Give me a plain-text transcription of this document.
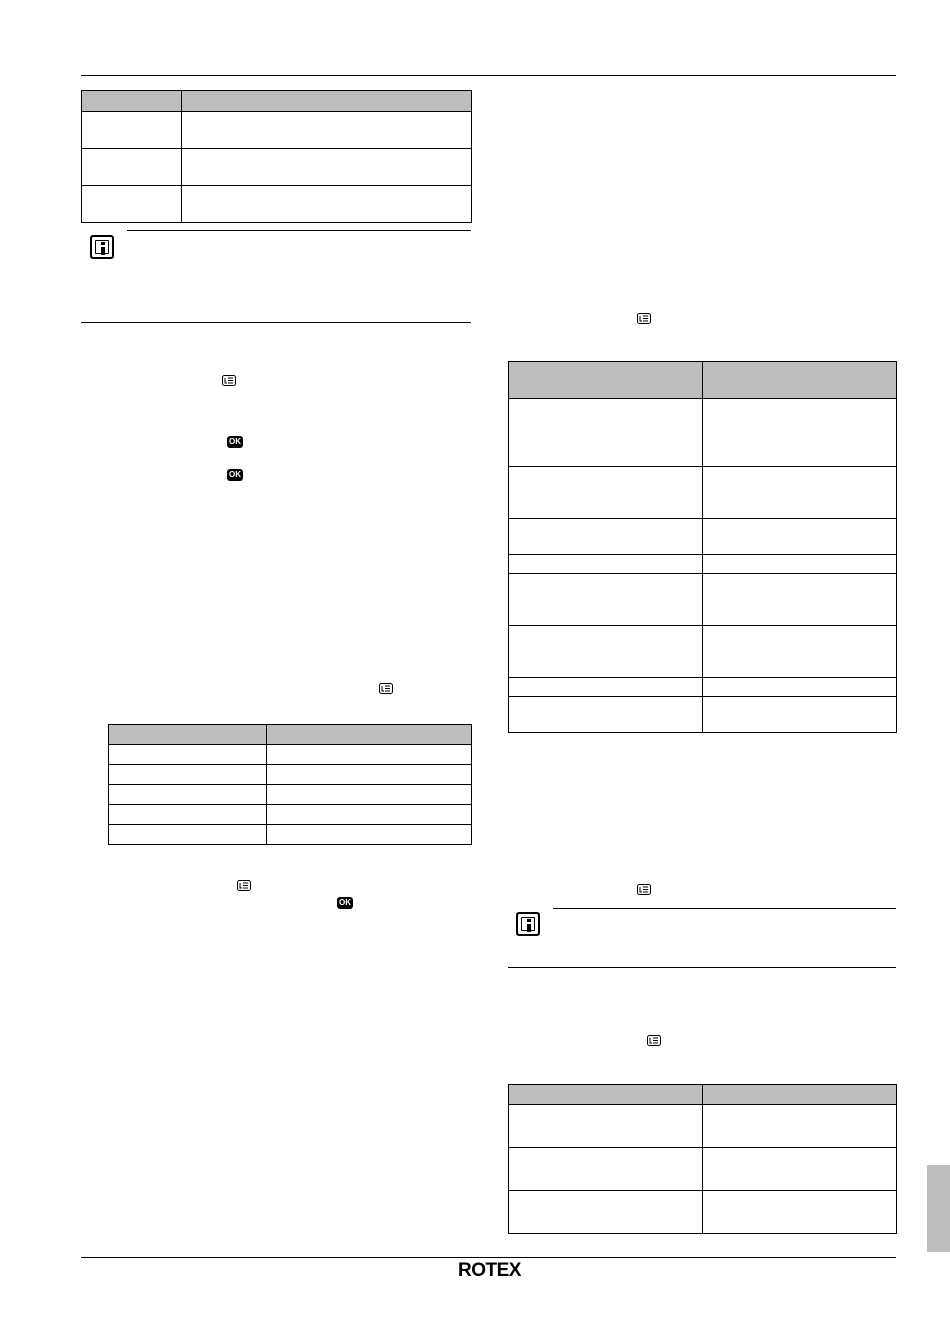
OK
OK

OK

ROTEX
